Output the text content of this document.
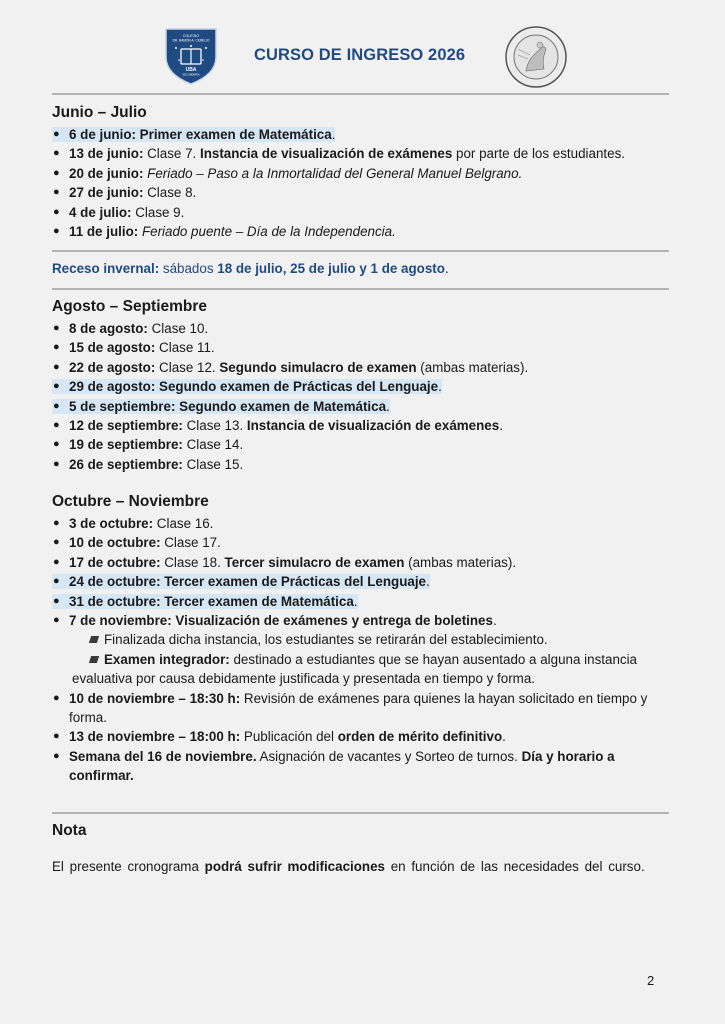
COLEGIO
DR. RAMÓN A. CERELIO
UBA
SECUNDARIA
CURSO DE INGRESO 2026
Junio – Julio
6 de junio: Primer examen de Matemática.
●
● 13 de junio: Clase 7. Instancia de visualización de exámenes por parte de los estudiantes.
● 20 de junio: Feriado – Paso a la Inmortalidad del General Manuel Belgrano.
● 27 de junio: Clase 8.
● 4 de julio: Clase 9.
● 11 de julio: Feriado puente – Día de la Independencia.
Receso invernal: sábados 18 de julio, 25 de julio y 1 de agosto.
Agosto – Septiembre
● 8 de agosto: Clase 10.
● 15 de agosto: Clase 11.
● 22 de agosto: Clase 12. Segundo simulacro de examen (ambas materias).
29 de agosto: Segundo examen de Prácticas del Lenguaje.
●
5 de septiembre: Segundo examen de Matemática.
●
● 12 de septiembre: Clase 13. Instancia de visualización de exámenes.
● 19 de septiembre: Clase 14.
● 26 de septiembre: Clase 15.
Octubre – Noviembre
● 3 de octubre: Clase 16.
● 10 de octubre: Clase 17.
● 17 de octubre: Clase 18. Tercer simulacro de examen (ambas materias).
24 de octubre: Tercer examen de Prácticas del Lenguaje.
●
31 de octubre: Tercer examen de Matemática.
●
● 7 de noviembre: Visualización de exámenes y entrega de boletines.
Finalizada dicha instancia, los estudiantes se retirarán del establecimiento.
Examen integrador: destinado a estudiantes que se hayan ausentado a alguna instancia evaluativa por causa debidamente justificada y presentada en tiempo y forma.
● 10 de noviembre – 18:30 h: Revisión de exámenes para quienes la hayan solicitado en tiempo y forma.
● 13 de noviembre – 18:00 h: Publicación del orden de mérito definitivo.
● Semana del 16 de noviembre. Asignación de vacantes y Sorteo de turnos. Día y horario a confirmar.
Nota
El presente cronograma podrá sufrir modificaciones en función de las necesidades del curso.
2
